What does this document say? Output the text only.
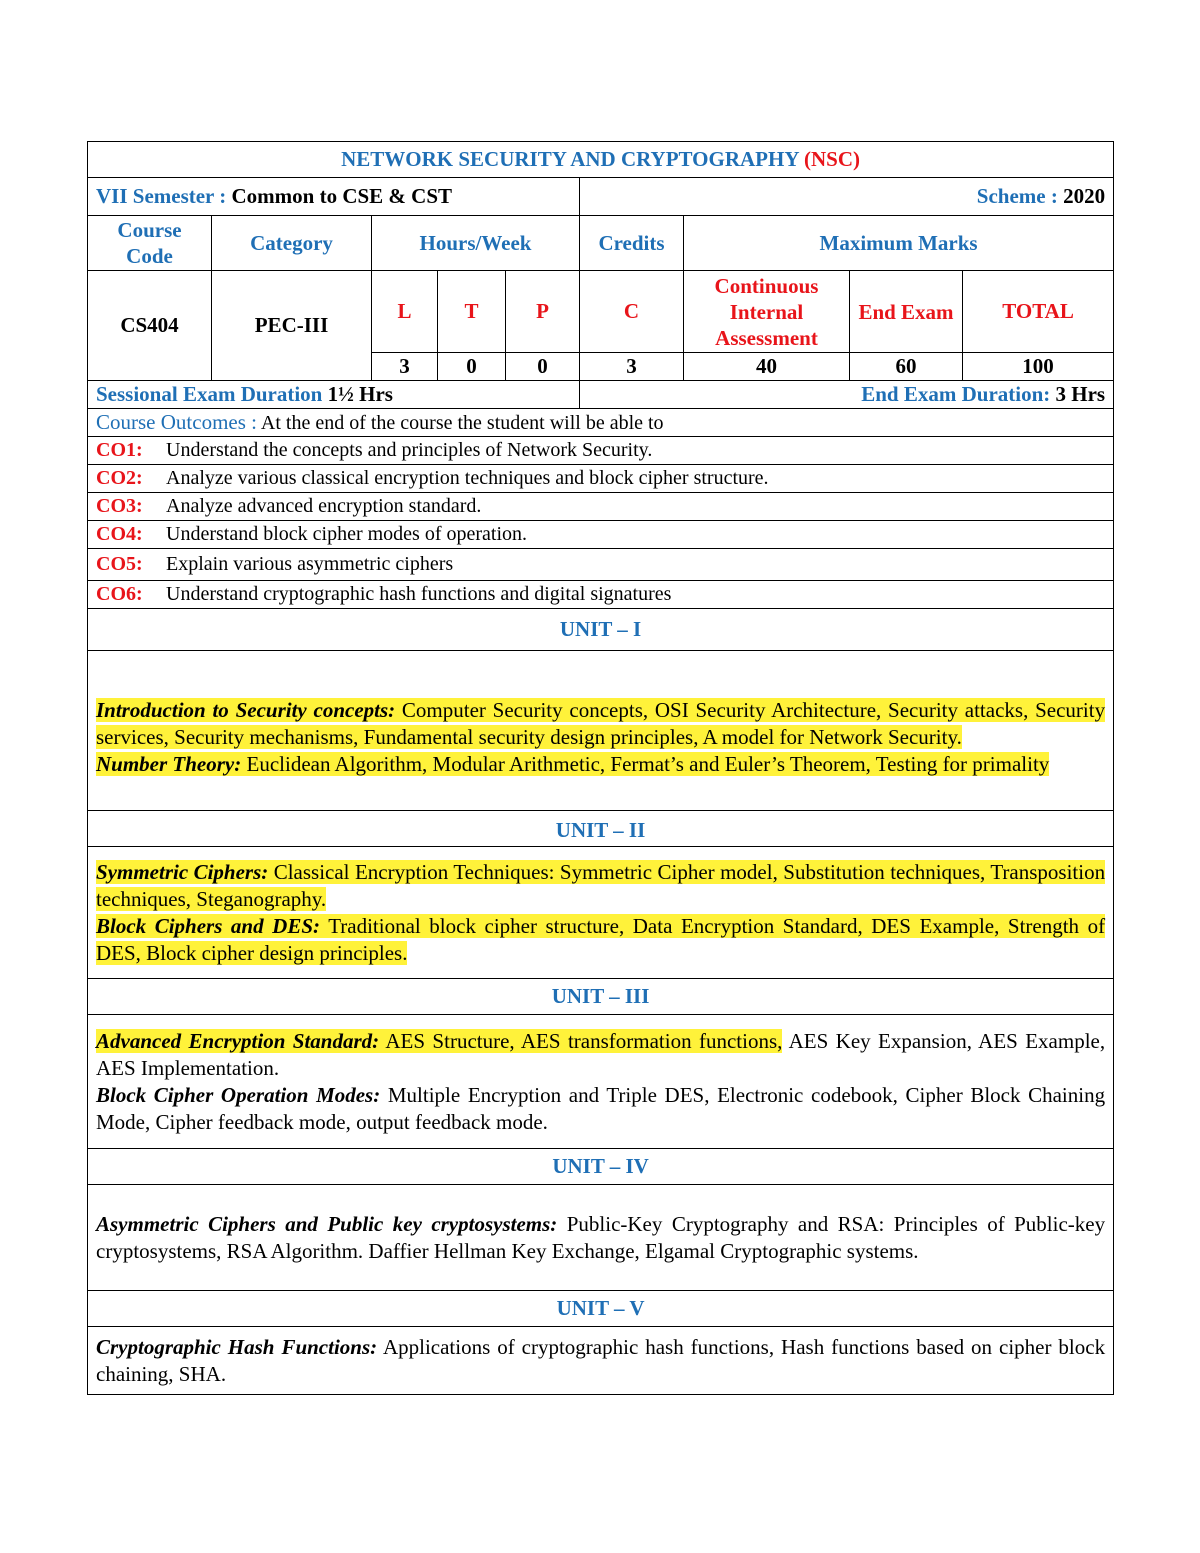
NETWORK SECURITY AND CRYPTOGRAPHY (NSC)								
VII Semester : Common to CSE & CST					Scheme : 2020			
Course Code	Category	Hours/Week			Credits	Maximum Marks		
CS404	PEC-III	L	T	P	C	Continuous Internal Assessment	End Exam	TOTAL
		3	0	0	3	40	60	100
Sessional Exam Duration 1½ Hrs					End Exam Duration: 3 Hrs			
Course Outcomes : At the end of the course the student will be able to								
CO1: Understand the concepts and principles of Network Security.								
CO2: Analyze various classical encryption techniques and block cipher structure.								
CO3: Analyze advanced encryption standard.								
CO4: Understand block cipher modes of operation.								
CO5: Explain various asymmetric ciphers								
CO6: Understand cryptographic hash functions and digital signatures								
UNIT – I								

Introduction to Security concepts: Computer Security concepts, OSI Security Architecture, Security attacks, Security services, Security mechanisms, Fundamental security design principles, A model for Network Security.
Number Theory: Euclidean Algorithm, Modular Arithmetic, Fermat’s and Euler’s Theorem, Testing for primality								

UNIT – II								

Symmetric Ciphers: Classical Encryption Techniques: Symmetric Cipher model, Substitution techniques, Transposition techniques, Steganography.
Block Ciphers and DES: Traditional block cipher structure, Data Encryption Standard, DES Example, Strength of DES, Block cipher design principles.								

UNIT – III								

Advanced Encryption Standard: AES Structure, AES transformation functions, AES Key Expansion, AES Example, AES Implementation.
Block Cipher Operation Modes: Multiple Encryption and Triple DES, Electronic codebook, Cipher Block Chaining Mode, Cipher feedback mode, output feedback mode.								

UNIT – IV								

Asymmetric Ciphers and Public key cryptosystems: Public-Key Cryptography and RSA: Principles of Public-key cryptosystems, RSA Algorithm. Daffier Hellman Key Exchange, Elgamal Cryptographic systems.								

UNIT – V								

Cryptographic Hash Functions: Applications of cryptographic hash functions, Hash functions based on cipher block chaining, SHA.								
